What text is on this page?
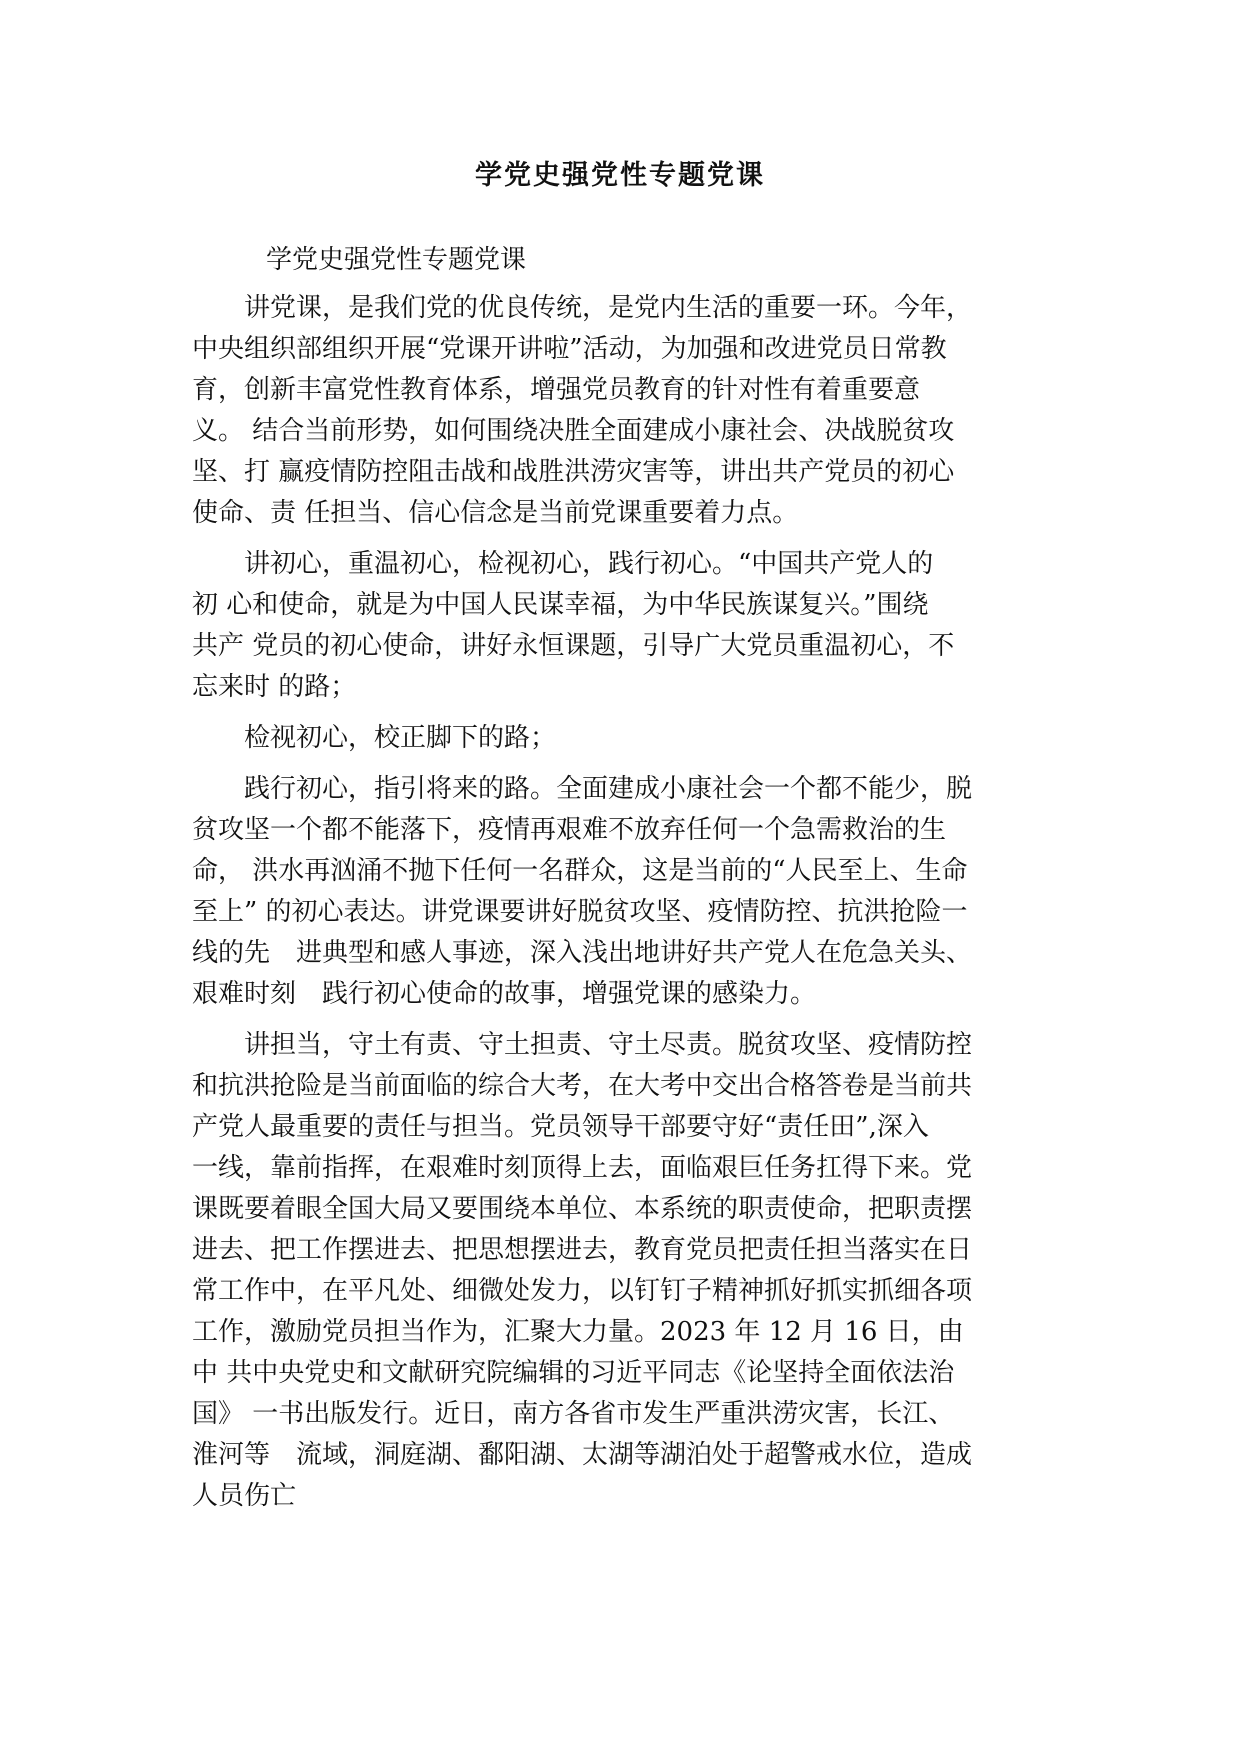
学党史强党性专题党课

学党史强党性专题党课

　　讲党课，是我们党的优良传统，是党内生活的重要一环。今年，
中央组织部组织开展“党课开讲啦”活动，为加强和改进党员日常教
育，创新丰富党性教育体系，增强党员教育的针对性有着重要意
义。 结合当前形势，如何围绕决胜全面建成小康社会、决战脱贫攻
坚、打 赢疫情防控阻击战和战胜洪涝灾害等，讲出共产党员的初心
使命、责 任担当、信心信念是当前党课重要着力点。
　　讲初心，重温初心，检视初心，践行初心。“中国共产党人的
初 心和使命，就是为中国人民谋幸福，为中华民族谋复兴。”围绕
共产 党员的初心使命，讲好永恒课题，引导广大党员重温初心，不
忘来时 的路；
　　检视初心，校正脚下的路；
　　践行初心，指引将来的路。全面建成小康社会一个都不能少，脱
贫攻坚一个都不能落下，疫情再艰难不放弃任何一个急需救治的生
命， 洪水再汹涌不抛下任何一名群众，这是当前的“人民至上、生命
至上” 的初心表达。讲党课要讲好脱贫攻坚、疫情防控、抗洪抢险一
线的先　进典型和感人事迹，深入浅出地讲好共产党人在危急关头、
艰难时刻　践行初心使命的故事，增强党课的感染力。
　　讲担当，守土有责、守土担责、守土尽责。脱贫攻坚、疫情防控
和抗洪抢险是当前面临的综合大考，在大考中交出合格答卷是当前共
产党人最重要的责任与担当。党员领导干部要守好“责任田”,深入
一线，靠前指挥，在艰难时刻顶得上去，面临艰巨任务扛得下来。党
课既要着眼全国大局又要围绕本单位、本系统的职责使命，把职责摆
进去、把工作摆进去、把思想摆进去，教育党员把责任担当落实在日
常工作中，在平凡处、细微处发力，以钉钉子精神抓好抓实抓细各项
工作，激励党员担当作为，汇聚大力量。2023 年 12 月 16 日，由
中 共中央党史和文献研究院编辑的习近平同志《论坚持全面依法治
国》 一书出版发行。近日，南方各省市发生严重洪涝灾害，长江、
淮河等　流域，洞庭湖、鄱阳湖、太湖等湖泊处于超警戒水位，造成
人员伤亡
